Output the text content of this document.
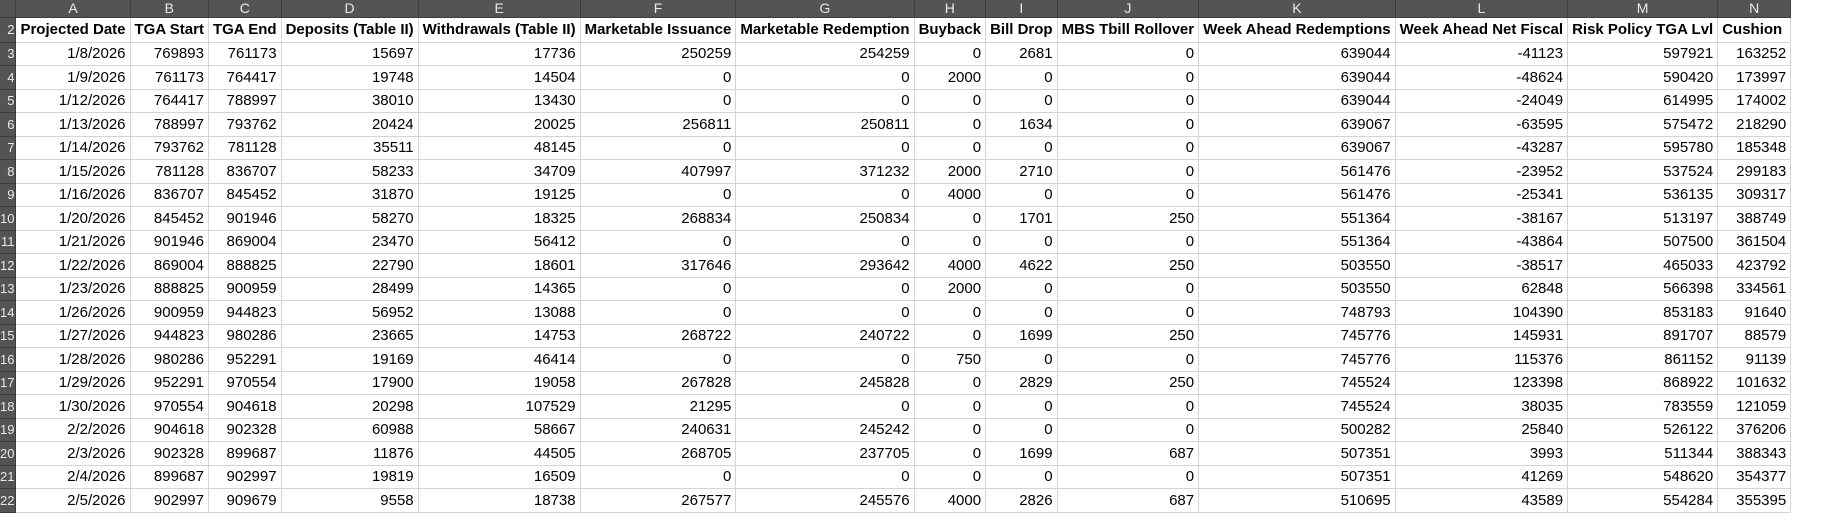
	A	B	C	D	E	F	G	H	I	J	K	L	M	N
2	Projected Date	TGA Start	TGA End	Deposits (Table II)	Withdrawals (Table II)	Marketable Issuance	Marketable Redemption	Buyback	Bill Drop	MBS Tbill Rollover	Week Ahead Redemptions	Week Ahead Net Fiscal	Risk Policy TGA Lvl	Cushion
3	1/8/2026	769893	761173	15697	17736	250259	254259	0	2681	0	639044	-41123	597921	163252
4	1/9/2026	761173	764417	19748	14504	0	0	2000	0	0	639044	-48624	590420	173997
5	1/12/2026	764417	788997	38010	13430	0	0	0	0	0	639044	-24049	614995	174002
6	1/13/2026	788997	793762	20424	20025	256811	250811	0	1634	0	639067	-63595	575472	218290
7	1/14/2026	793762	781128	35511	48145	0	0	0	0	0	639067	-43287	595780	185348
8	1/15/2026	781128	836707	58233	34709	407997	371232	2000	2710	0	561476	-23952	537524	299183
9	1/16/2026	836707	845452	31870	19125	0	0	4000	0	0	561476	-25341	536135	309317
10	1/20/2026	845452	901946	58270	18325	268834	250834	0	1701	250	551364	-38167	513197	388749
11	1/21/2026	901946	869004	23470	56412	0	0	0	0	0	551364	-43864	507500	361504
12	1/22/2026	869004	888825	22790	18601	317646	293642	4000	4622	250	503550	-38517	465033	423792
13	1/23/2026	888825	900959	28499	14365	0	0	2000	0	0	503550	62848	566398	334561
14	1/26/2026	900959	944823	56952	13088	0	0	0	0	0	748793	104390	853183	91640
15	1/27/2026	944823	980286	23665	14753	268722	240722	0	1699	250	745776	145931	891707	88579
16	1/28/2026	980286	952291	19169	46414	0	0	750	0	0	745776	115376	861152	91139
17	1/29/2026	952291	970554	17900	19058	267828	245828	0	2829	250	745524	123398	868922	101632
18	1/30/2026	970554	904618	20298	107529	21295	0	0	0	0	745524	38035	783559	121059
19	2/2/2026	904618	902328	60988	58667	240631	245242	0	0	0	500282	25840	526122	376206
20	2/3/2026	902328	899687	11876	44505	268705	237705	0	1699	687	507351	3993	511344	388343
21	2/4/2026	899687	902997	19819	16509	0	0	0	0	0	507351	41269	548620	354377
22	2/5/2026	902997	909679	9558	18738	267577	245576	4000	2826	687	510695	43589	554284	355395
